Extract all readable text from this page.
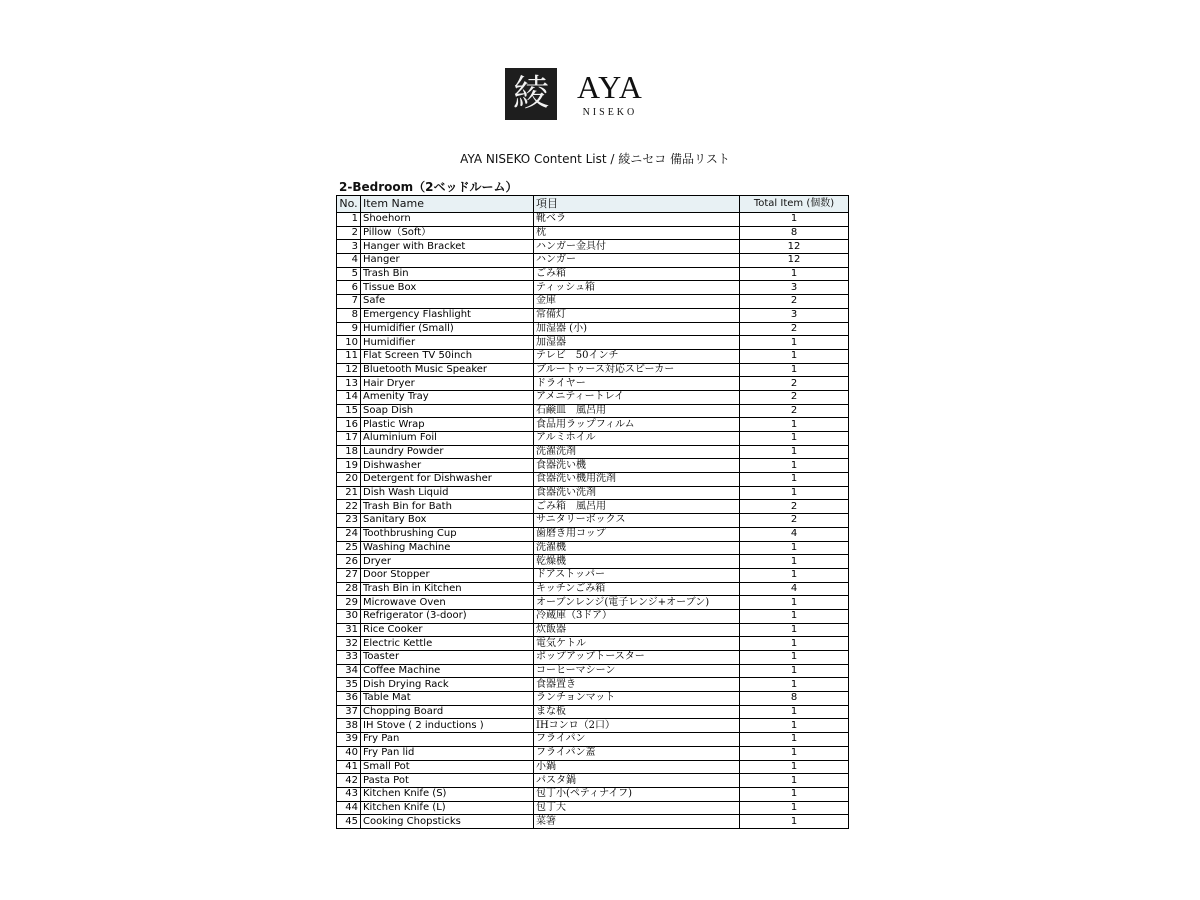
綾 AYA
NISEKO
AYA NISEKO Content List / 綾ニセコ 備品リスト
2-Bedroom（2ベッドルーム）
No.	Item Name	項目	Total Item (個数)
1	Shoehorn	靴ベラ	1
2	Pillow（Soft）	枕	8
3	Hanger with Bracket	ハンガー金具付	12
4	Hanger	ハンガー	12
5	Trash Bin	ごみ箱	1
6	Tissue Box	ティッシュ箱	3
7	Safe	金庫	2
8	Emergency Flashlight	常備灯	3
9	Humidifier (Small)	加湿器 (小)	2
10	Humidifier	加湿器	1
11	Flat Screen TV 50inch	テレビ　50インチ	1
12	Bluetooth Music Speaker	ブルートゥース対応スピーカー	1
13	Hair Dryer	ドライヤー	2
14	Amenity Tray	アメニティートレイ	2
15	Soap Dish	石鹸皿　風呂用	2
16	Plastic Wrap	食品用ラップフィルム	1
17	Aluminium Foil	アルミホイル	1
18	Laundry Powder	洗濯洗剤	1
19	Dishwasher	食器洗い機	1
20	Detergent for Dishwasher	食器洗い機用洗剤	1
21	Dish Wash Liquid	食器洗い洗剤	1
22	Trash Bin for Bath	ごみ箱　風呂用	2
23	Sanitary Box	サニタリーボックス	2
24	Toothbrushing Cup	歯磨き用コップ	4
25	Washing Machine	洗濯機	1
26	Dryer	乾燥機	1
27	Door Stopper	ドアストッパー	1
28	Trash Bin in Kitchen	キッチンごみ箱	4
29	Microwave Oven	オーブンレンジ(電子レンジ+オーブン)	1
30	Refrigerator (3-door)	冷蔵庫（3ドア）	1
31	Rice Cooker	炊飯器	1
32	Electric Kettle	電気ケトル	1
33	Toaster	ポップアップトースター	1
34	Coffee Machine	コーヒーマシーン	1
35	Dish Drying Rack	食器置き	1
36	Table Mat	ランチョンマット	8
37	Chopping Board	まな板	1
38	IH Stove ( 2 inductions )	IHコンロ（2口）	1
39	Fry Pan	フライパン	1
40	Fry Pan lid	フライパン蓋	1
41	Small Pot	小鍋	1
42	Pasta Pot	パスタ鍋	1
43	Kitchen Knife (S)	包丁小(ペティナイフ)	1
44	Kitchen Knife (L)	包丁大	1
45	Cooking Chopsticks	菜箸	1
